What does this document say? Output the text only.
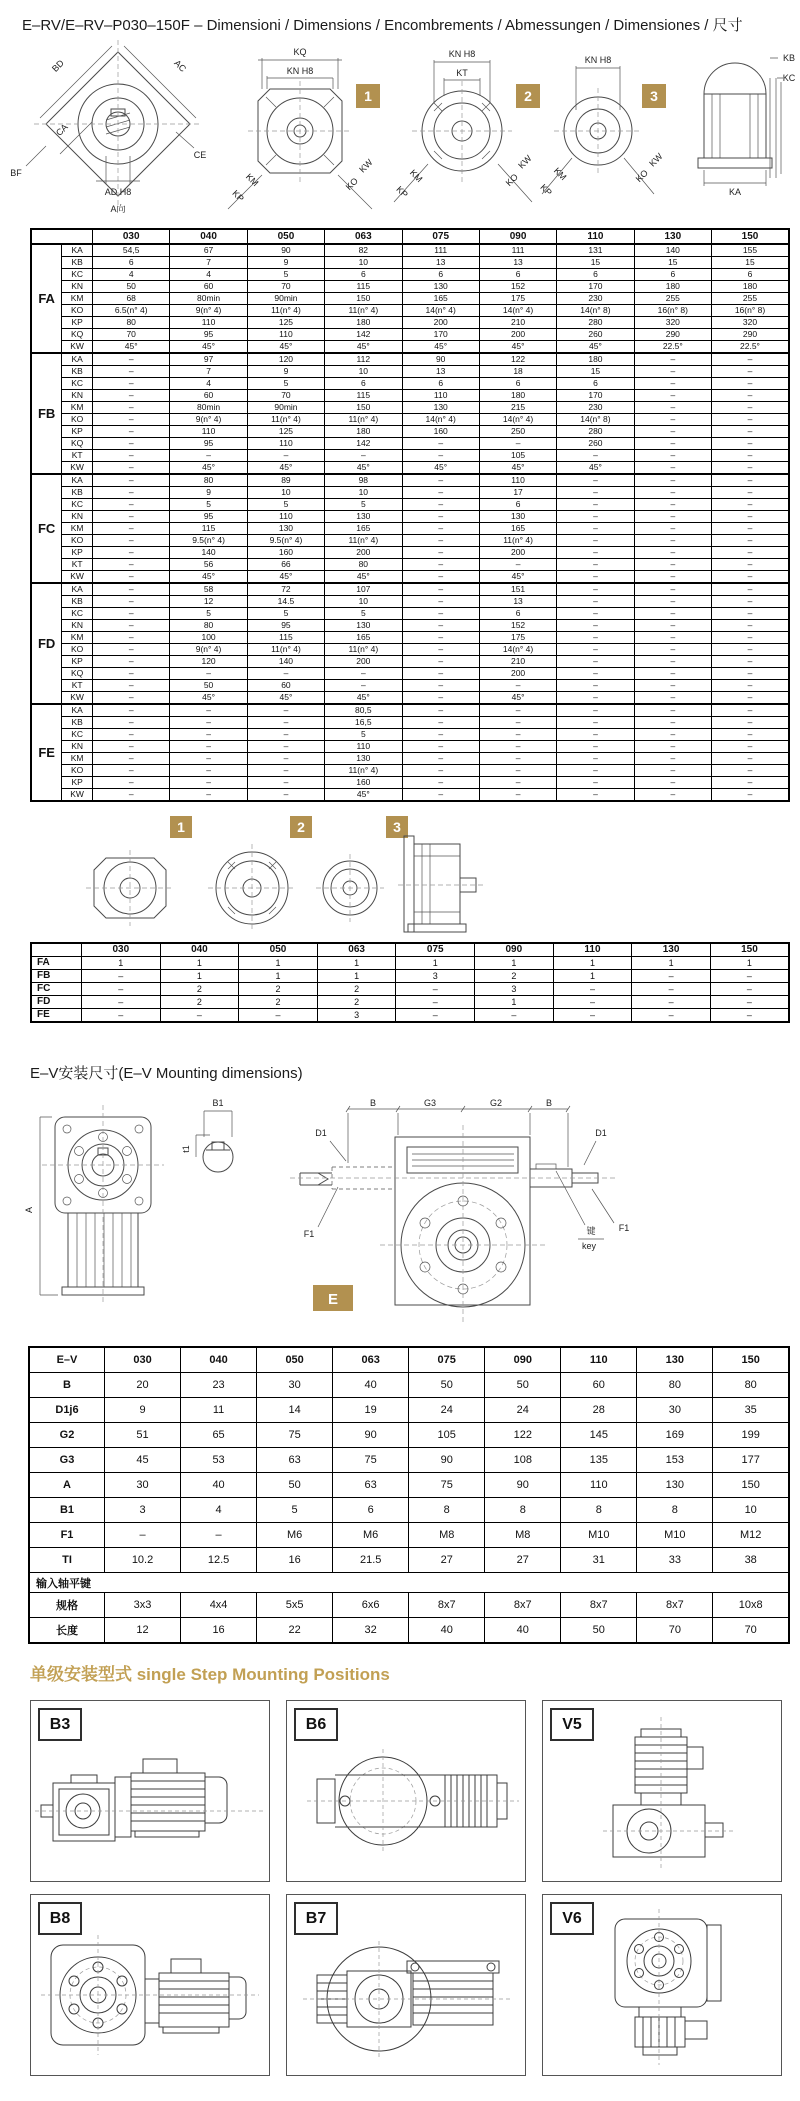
E–RV/E–RV–P030–150F – Dimensioni / Dimensions / Encombrements / Abmessungen / Dimensiones / 尺寸
BD	AC
CA
CE
BF
AD H8
A向
KQ
KN H8
KM
KP
KO
KW
1
KN H8
KT
KM
KP
KO
KW
2
KN H8
KM
KP
KO
KW
3
KB
KC
KA
		030	040	050	063	075	090	110	130	150
FA	KA	54,5	67	90	82	111	111	131	140	155
	KB	6	7	9	10	13	13	15	15	15
	KC	4	4	5	6	6	6	6	6	6
	KN	50	60	70	115	130	152	170	180	180
	KM	68	80min	90min	150	165	175	230	255	255
	KO	6.5(n° 4)	9(n° 4)	11(n° 4)	11(n° 4)	14(n° 4)	14(n° 4)	14(n° 8)	16(n° 8)	16(n° 8)
	KP	80	110	125	180	200	210	280	320	320
	KQ	70	95	110	142	170	200	260	290	290
	KW	45°	45°	45°	45°	45°	45°	45°	22.5°	22.5°
FB	KA	–	97	120	112	90	122	180	–	–
	KB	–	7	9	10	13	18	15	–	–
	KC	–	4	5	6	6	6	6	–	–
	KN	–	60	70	115	110	180	170	–	–
	KM	–	80min	90min	150	130	215	230	–	–
	KO	–	9(n° 4)	11(n° 4)	11(n° 4)	14(n° 4)	14(n° 4)	14(n° 8)	–	–
	KP	–	110	125	180	160	250	280	–	–
	KQ	–	95	110	142	–	–	260	–	–
	KT	–	–	–	–	–	105	–	–	–
	KW	–	45°	45°	45°	45°	45°	45°	–	–
FC	KA	–	80	89	98	–	110	–	–	–
	KB	–	9	10	10	–	17	–	–	–
	KC	–	5	5	5	–	6	–	–	–
	KN	–	95	110	130	–	130	–	–	–
	KM	–	115	130	165	–	165	–	–	–
	KO	–	9.5(n° 4)	9.5(n° 4)	11(n° 4)	–	11(n° 4)	–	–	–
	KP	–	140	160	200	–	200	–	–	–
	KT	–	56	66	80	–	–	–	–	–
	KW	–	45°	45°	45°	–	45°	–	–	–
FD	KA	–	58	72	107	–	151	–	–	–
	KB	–	12	14.5	10	–	13	–	–	–
	KC	–	5	5	5	–	6	–	–	–
	KN	–	80	95	130	–	152	–	–	–
	KM	–	100	115	165	–	175	–	–	–
	KO	–	9(n° 4)	11(n° 4)	11(n° 4)	–	14(n° 4)	–	–	–
	KP	–	120	140	200	–	210	–	–	–
	KQ	–	–	–	–	–	200	–	–	–
	KT	–	50	60	–	–	–	–	–	–
	KW	–	45°	45°	45°	–	45°	–	–	–
FE	KA	–	–	–	80,5	–	–	–	–	–
	KB	–	–	–	16,5	–	–	–	–	–
	KC	–	–	–	5	–	–	–	–	–
	KN	–	–	–	110	–	–	–	–	–
	KM	–	–	–	130	–	–	–	–	–
	KO	–	–	–	11(n° 4)	–	–	–	–	–
	KP	–	–	–	160	–	–	–	–	–
	KW	–	–	–	45°	–	–	–	–	–
1	2	3
	030	040	050	063	075	090	110	130	150
FA	1	1	1	1	1	1	1	1	1
FB	–	1	1	1	3	2	1	–	–
FC	–	2	2	2	–	3	–	–	–
FD	–	2	2	2	–	1	–	–	–
FE	–	–	–	3	–	–	–	–	–
E–V安装尺寸(E–V Mounting dimensions)
A
B1
t1
B	G3	G2	B
D1	D1
F1
F1
键
key
E
E–V	030	040	050	063	075	090	110	130	150
B	20	23	30	40	50	50	60	80	80
D1j6	9	11	14	19	24	24	28	30	35
G2	51	65	75	90	105	122	145	169	199
G3	45	53	63	75	90	108	135	153	177
A	30	40	50	63	75	90	110	130	150
B1	3	4	5	6	8	8	8	8	10
F1	–	–	M6	M6	M8	M8	M10	M10	M12
TI	10.2	12.5	16	21.5	27	27	31	33	38
输入轴平键									
规格	3x3	4x4	5x5	6x6	8x7	8x7	8x7	8x7	10x8
长度	12	16	22	32	40	40	50	70	70
单级安装型式 single Step Mounting Positions
B3	B6	V5
B8	B7	V6
